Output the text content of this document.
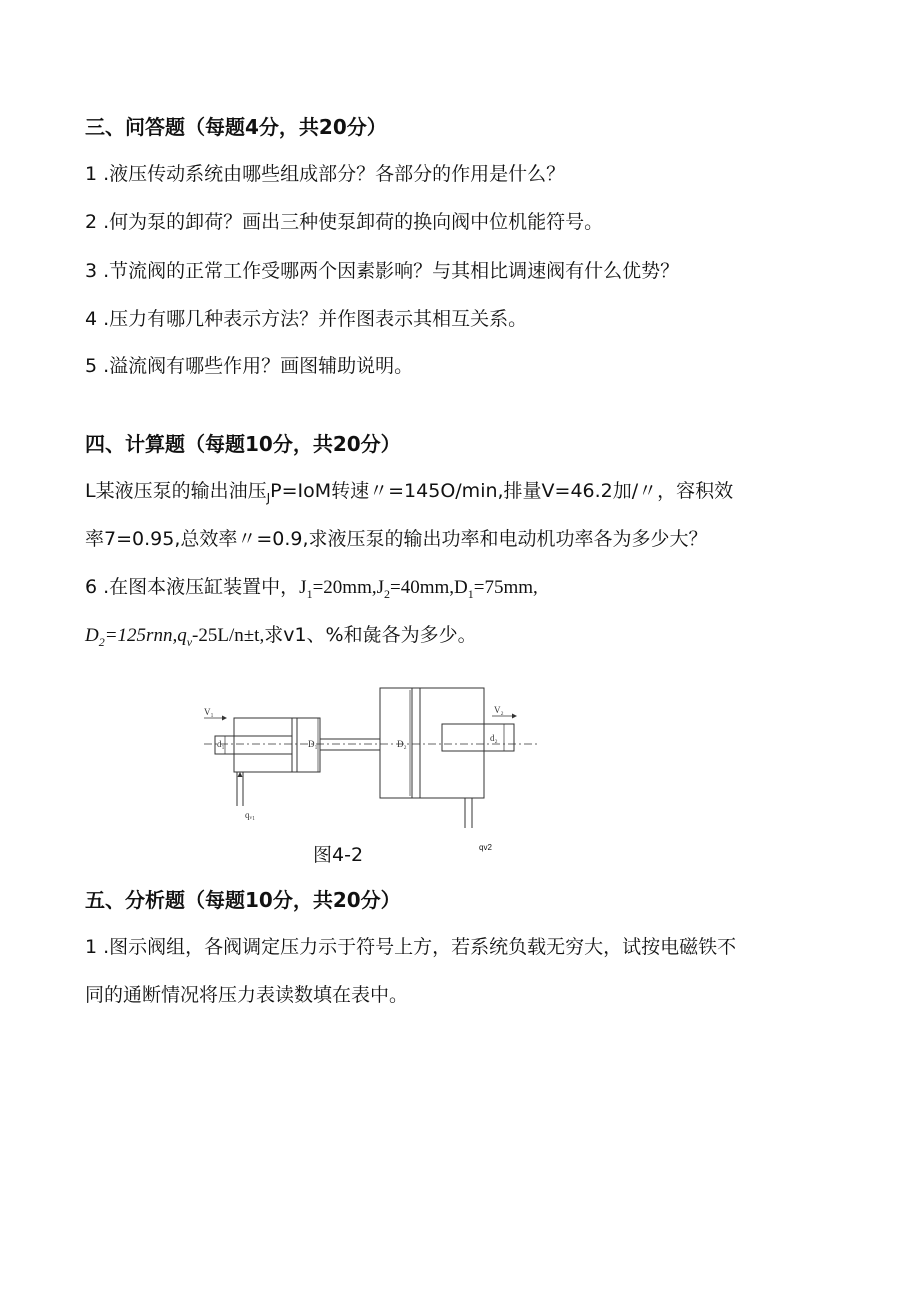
三、问答题（每题4分，共20分）
1 .液压传动系统由哪些组成部分？各部分的作用是什么？
2 .何为泵的卸荷？画出三种使泵卸荷的换向阀中位机能符号。
3 .节流阀的正常工作受哪两个因素影响？与其相比调速阀有什么优势？
4 .压力有哪几种表示方法？并作图表示其相互关系。
5 .溢流阀有哪些作用？画图辅助说明。
四、计算题（每题10分，共20分）
L某液压泵的输出油压$_J$P=IoM转速〃=145O/min,排量V=46.2加/〃，容积效
率7=0.95,总效率〃=0.9,求液压泵的输出功率和电动机功率各为多少大？
6 .在图本液压缸装置中，$J_1=20mm,J_2=40mm,D_1=75mm$,
$D_2=125rnn,q_v-25L/n\pm t$,求v1、%和彘各为多少。
V₁	V₂
d₁	D₁	D₂
d₂
qᵥ₁
图4-2	qv2
五、分析题（每题10分，共20分）
1 .图示阀组，各阀调定压力示于符号上方，若系统负载无穷大，试按电磁铁不
同的通断情况将压力表读数填在表中。
